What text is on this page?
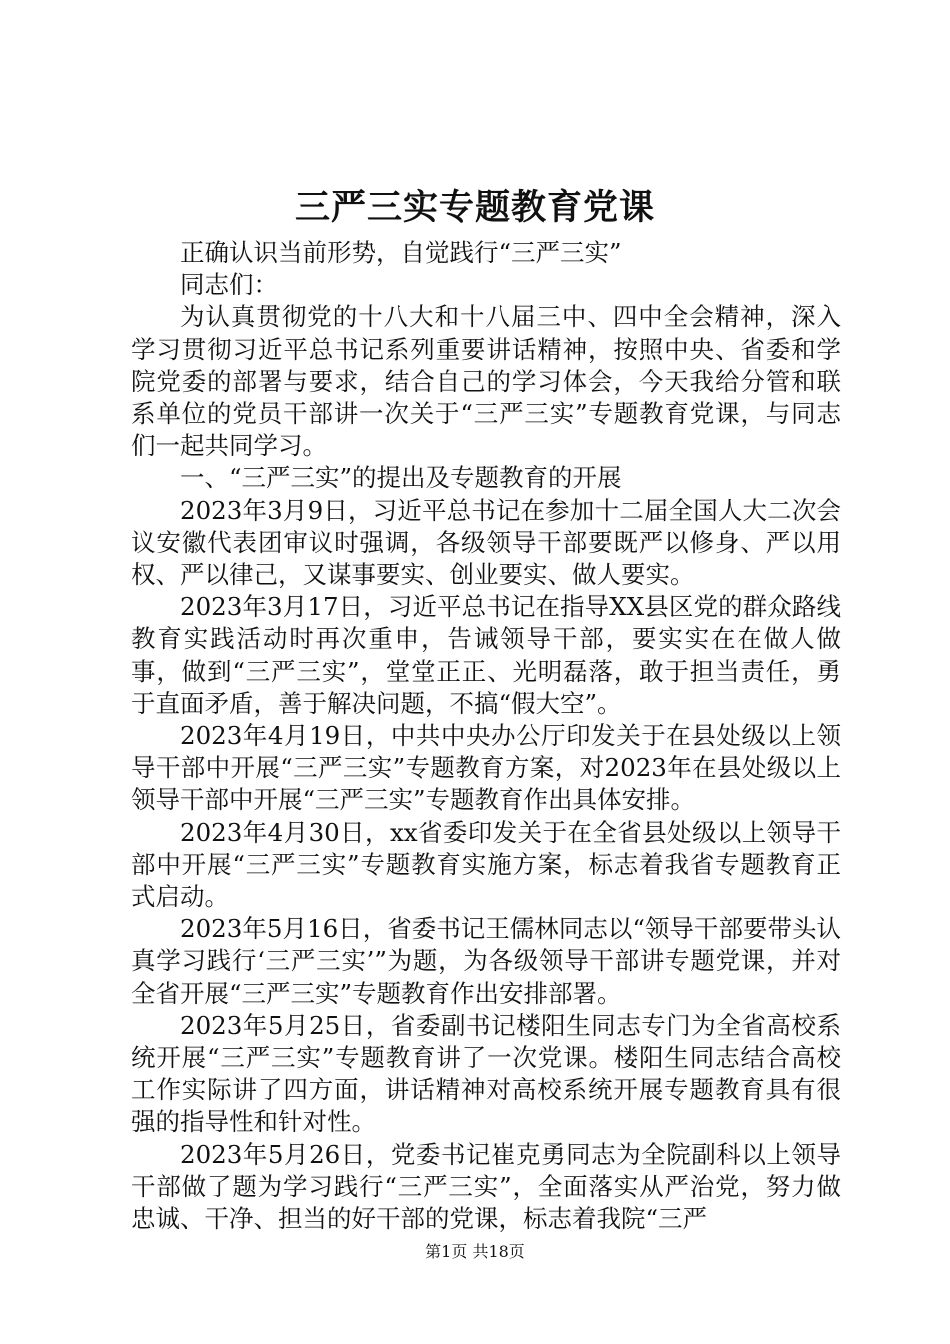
三严三实专题教育党课

正确认识当前形势，自觉践行“三严三实”

同志们：

为认真贯彻党的十八大和十八届三中、四中全会精神，深入学习贯彻习近平总书记系列重要讲话精神，按照中央、省委和学院党委的部署与要求，结合自己的学习体会，今天我给分管和联系单位的党员干部讲一次关于“三严三实”专题教育党课，与同志们一起共同学习。

一、“三严三实”的提出及专题教育的开展

2023年3月9日，习近平总书记在参加十二届全国人大二次会议安徽代表团审议时强调，各级领导干部要既严以修身、严以用权、严以律己，又谋事要实、创业要实、做人要实。

2023年3月17日，习近平总书记在指导XX县区党的群众路线教育实践活动时再次重申，告诫领导干部，要实实在在做人做事，做到“三严三实”，堂堂正正、光明磊落，敢于担当责任，勇于直面矛盾，善于解决问题，不搞“假大空”。

2023年4月19日，中共中央办公厅印发关于在县处级以上领导干部中开展“三严三实”专题教育方案，对2023年在县处级以上领导干部中开展“三严三实”专题教育作出具体安排。

2023年4月30日，xx省委印发关于在全省县处级以上领导干部中开展“三严三实”专题教育实施方案，标志着我省专题教育正式启动。

2023年5月16日，省委书记王儒林同志以“领导干部要带头认真学习践行‘三严三实’”为题，为各级领导干部讲专题党课，并对全省开展“三严三实”专题教育作出安排部署。

2023年5月25日，省委副书记楼阳生同志专门为全省高校系统开展“三严三实”专题教育讲了一次党课。楼阳生同志结合高校工作实际讲了四方面，讲话精神对高校系统开展专题教育具有很强的指导性和针对性。

2023年5月26日，党委书记崔克勇同志为全院副科以上领导干部做了题为学习践行“三严三实”，全面落实从严治党，努力做忠诚、干净、担当的好干部的党课，标志着我院“三严

第1页 共18页
